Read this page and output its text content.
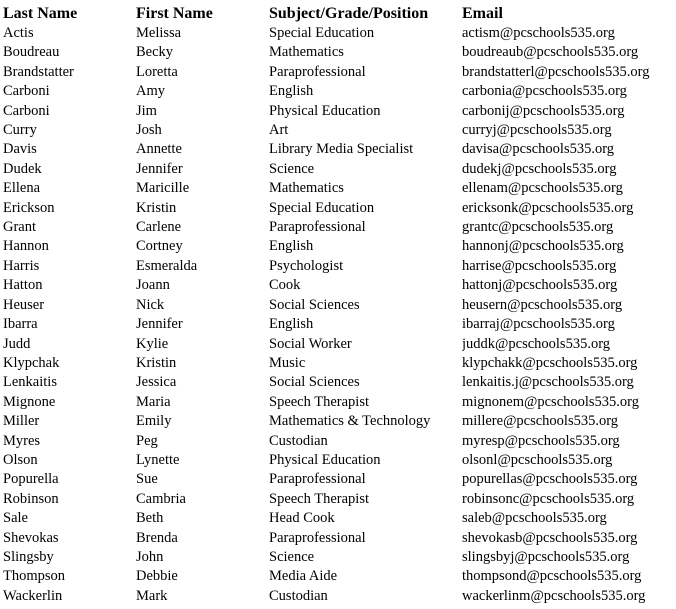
Last Name	First Name	Subject/Grade/Position	Email
Actis	Melissa	Special Education	actism@pcschools535.org
Boudreau	Becky	Mathematics	boudreaub@pcschools535.org
Brandstatter	Loretta	Paraprofessional	brandstatterl@pcschools535.org
Carboni	Amy	English	carbonia@pcschools535.org
Carboni	Jim	Physical Education	carbonij@pcschools535.org
Curry	Josh	Art	curryj@pcschools535.org
Davis	Annette	Library Media Specialist	davisa@pcschools535.org
Dudek	Jennifer	Science	dudekj@pcschools535.org
Ellena	Maricille	Mathematics	ellenam@pcschools535.org
Erickson	Kristin	Special Education	ericksonk@pcschools535.org
Grant	Carlene	Paraprofessional	grantc@pcschools535.org
Hannon	Cortney	English	hannonj@pcschools535.org
Harris	Esmeralda	Psychologist	harrise@pcschools535.org
Hatton	Joann	Cook	hattonj@pcschools535.org
Heuser	Nick	Social Sciences	heusern@pcschools535.org
Ibarra	Jennifer	English	ibarraj@pcschools535.org
Judd	Kylie	Social Worker	juddk@pcschools535.org
Klypchak	Kristin	Music	klypchakk@pcschools535.org
Lenkaitis	Jessica	Social Sciences	lenkaitis.j@pcschools535.org
Mignone	Maria	Speech Therapist	mignonem@pcschools535.org
Miller	Emily	Mathematics & Technology	millere@pcschools535.org
Myres	Peg	Custodian	myresp@pcschools535.org
Olson	Lynette	Physical Education	olsonl@pcschools535.org
Popurella	Sue	Paraprofessional	popurellas@pcschools535.org
Robinson	Cambria	Speech Therapist	robinsonc@pcschools535.org
Sale	Beth	Head Cook	saleb@pcschools535.org
Shevokas	Brenda	Paraprofessional	shevokasb@pcschools535.org
Slingsby	John	Science	slingsbyj@pcschools535.org
Thompson	Debbie	Media Aide	thompsond@pcschools535.org
Wackerlin	Mark	Custodian	wackerlinm@pcschools535.org
